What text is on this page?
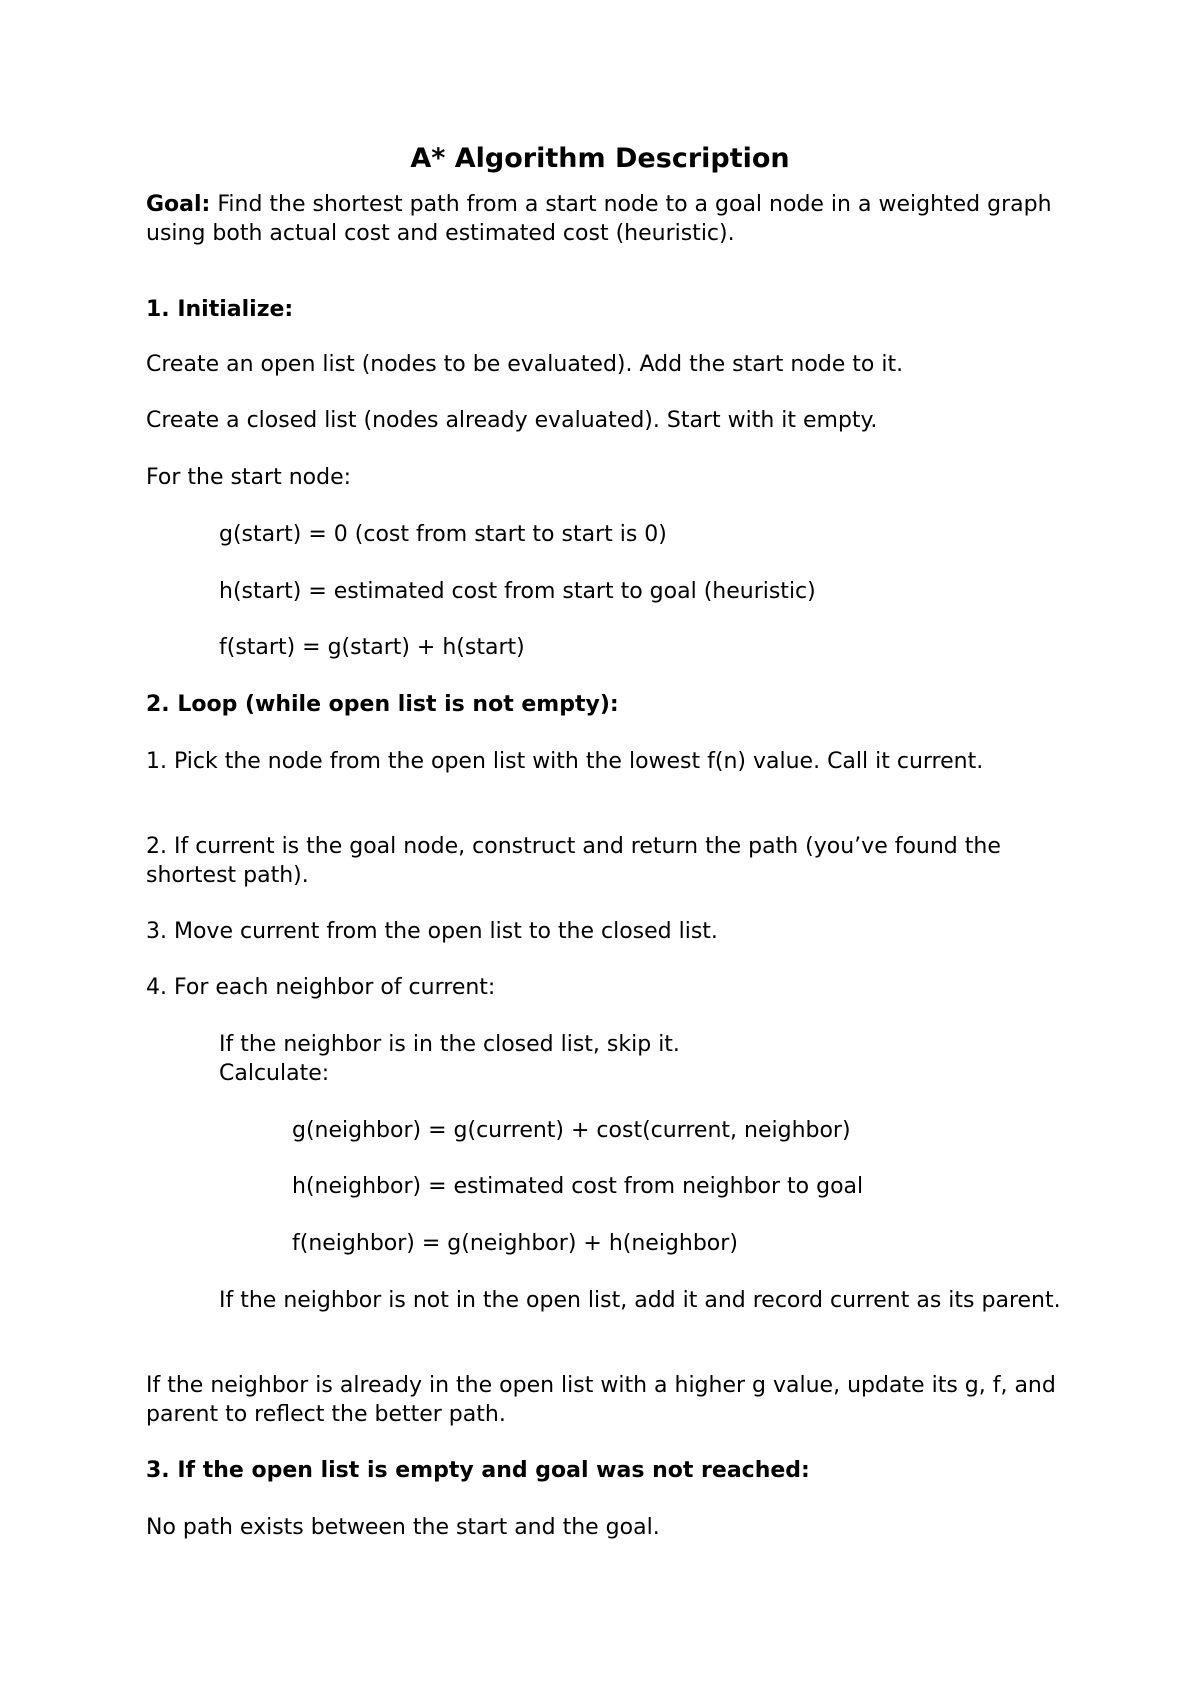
A* Algorithm Description

Goal: Find the shortest path from a start node to a goal node in a weighted graph using both actual cost and estimated cost (heuristic).

1. Initialize:

Create an open list (nodes to be evaluated). Add the start node to it.

Create a closed list (nodes already evaluated). Start with it empty.

For the start node:

g(start) = 0 (cost from start to start is 0)

h(start) = estimated cost from start to goal (heuristic)

f(start) = g(start) + h(start)

2. Loop (while open list is not empty):

1. Pick the node from the open list with the lowest f(n) value. Call it current.

2. If current is the goal node, construct and return the path (you’ve found the shortest path).

3. Move current from the open list to the closed list.

4. For each neighbor of current:

If the neighbor is in the closed list, skip it.

Calculate:

g(neighbor) = g(current) + cost(current, neighbor)

h(neighbor) = estimated cost from neighbor to goal

f(neighbor) = g(neighbor) + h(neighbor)

If the neighbor is not in the open list, add it and record current as its parent.

If the neighbor is already in the open list with a higher g value, update its g, f, and parent to reflect the better path.

3. If the open list is empty and goal was not reached:

No path exists between the start and the goal.
